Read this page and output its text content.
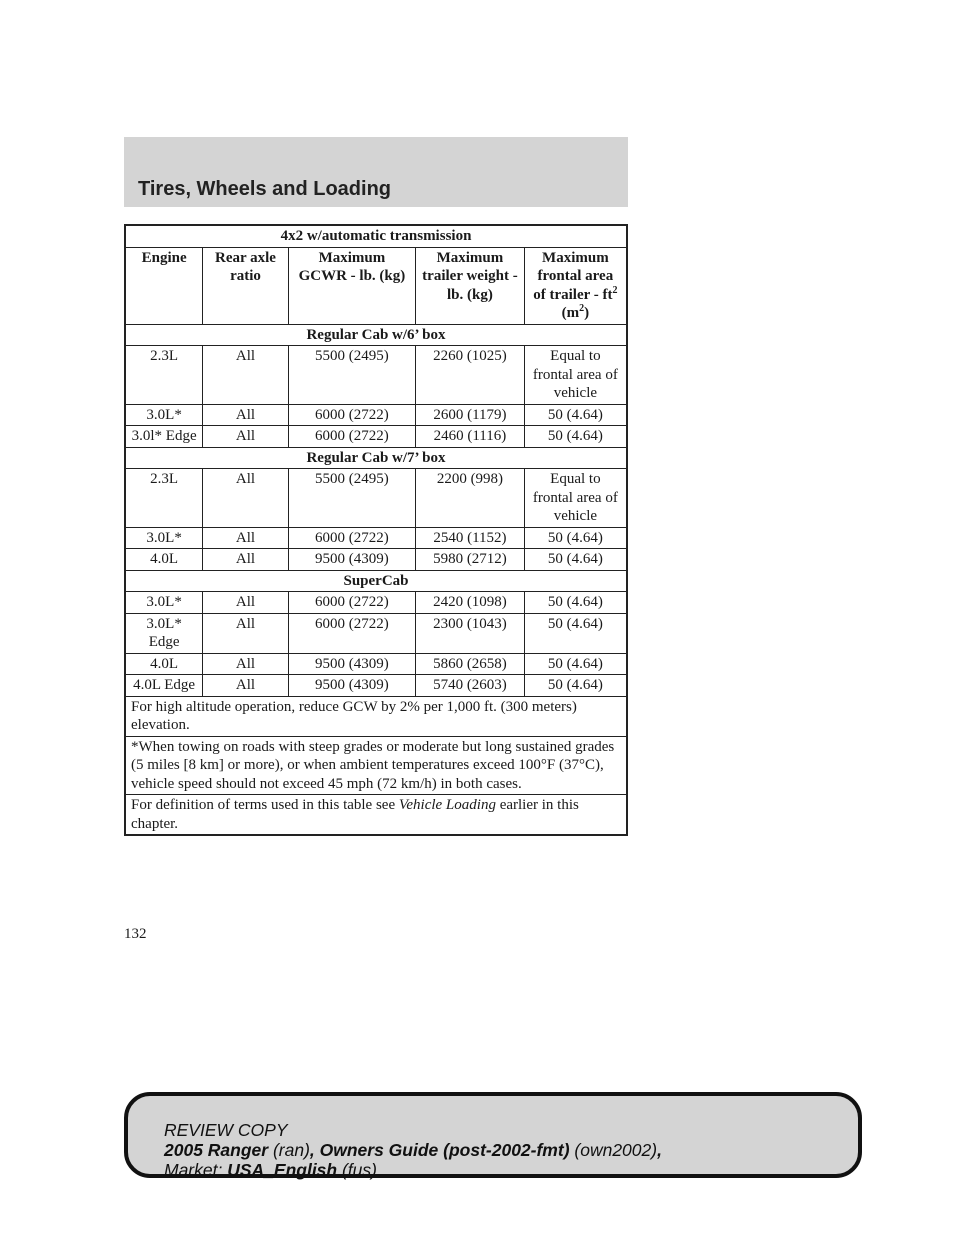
Tires, Wheels and Loading
4x2 w/automatic transmission				
Engine	Rear axle ratio	Maximum GCWR - lb. (kg)	Maximum trailer weight - lb. (kg)	Maximum frontal area of trailer - $ft^2$ $(m^2)$
Regular Cab w/6’ box				
2.3L	All	5500 (2495)	2260 (1025)	Equal to frontal area of vehicle
3.0L*	All	6000 (2722)	2600 (1179)	50 (4.64)
3.0l* Edge	All	6000 (2722)	2460 (1116)	50 (4.64)
Regular Cab w/7’ box				
2.3L	All	5500 (2495)	2200 (998)	Equal to frontal area of vehicle
3.0L*	All	6000 (2722)	2540 (1152)	50 (4.64)
4.0L	All	9500 (4309)	5980 (2712)	50 (4.64)
SuperCab				
3.0L*	All	6000 (2722)	2420 (1098)	50 (4.64)
3.0L* Edge	All	6000 (2722)	2300 (1043)	50 (4.64)
4.0L	All	9500 (4309)	5860 (2658)	50 (4.64)
4.0L Edge	All	9500 (4309)	5740 (2603)	50 (4.64)
For high altitude operation, reduce GCW by 2% per 1,000 ft. (300 meters) elevation.				
*When towing on roads with steep grades or moderate but long sustained grades (5 miles [8 km] or more), or when ambient temperatures exceed 100°F (37°C), vehicle speed should not exceed 45 mph (72 km/h) in both cases.				
For definition of terms used in this table see Vehicle Loading earlier in this chapter.				
132
REVIEW COPY
2005 Ranger (ran), Owners Guide (post-2002-fmt) (own2002),
Market: USA_English (fus)
